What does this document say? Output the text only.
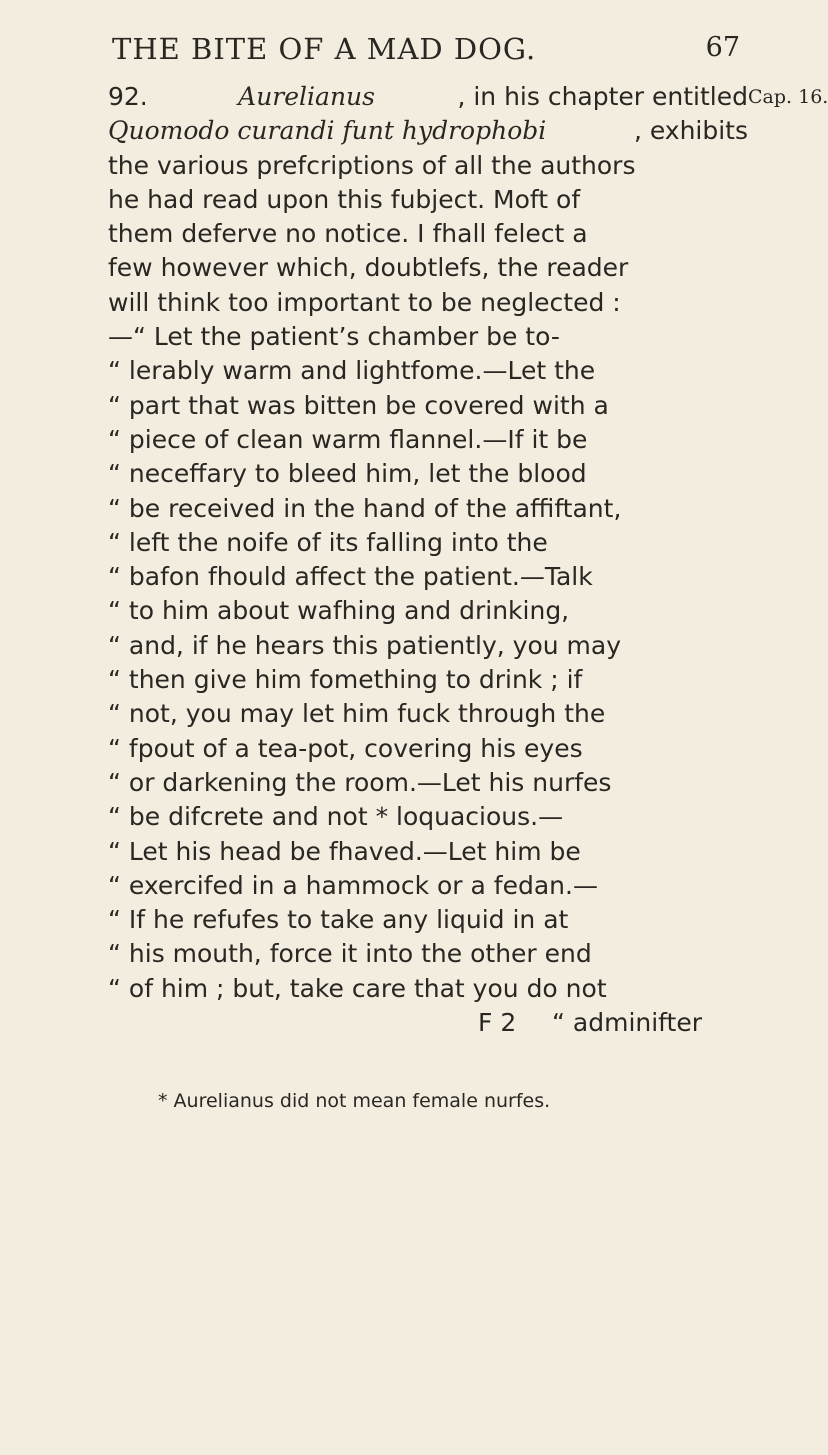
THE BITE OF A MAD DOG.	67
Cap. 16.
92.	Aurelianus	, in his chapter entitled
Quomodo curandi funt hydrophobi	, exhibits
the various prefcriptions of all the authors
he had read upon this fubject. Moft of
them deferve no notice. I fhall felect a
few however which, doubtlefs, the reader
will think too important to be neglected :
—“ Let the patient’s chamber be to-
“ lerably warm and lightfome.—Let the
“ part that was bitten be covered with a
“ piece of clean warm flannel.—If it be
“ neceffary to bleed him, let the blood
“ be received in the hand of the affiftant,
“ left the noife of its falling into the
“ bafon fhould affect the patient.—Talk
“ to him about wafhing and drinking,
“ and, if he hears this patiently, you may
“ then give him fomething to drink ; if
“ not, you may let him fuck through the
“ fpout of a tea-pot, covering his eyes
“ or darkening the room.—Let his nurfes
“ be difcrete and not * loquacious.—
“ Let his head be fhaved.—Let him be
“ exercifed in a hammock or a fedan.—
“ If he refufes to take any liquid in at
“ his mouth, force it into the other end
“ of him ; but, take care that you do not
F 2	“ adminifter
* Aurelianus did not mean female nurfes.
